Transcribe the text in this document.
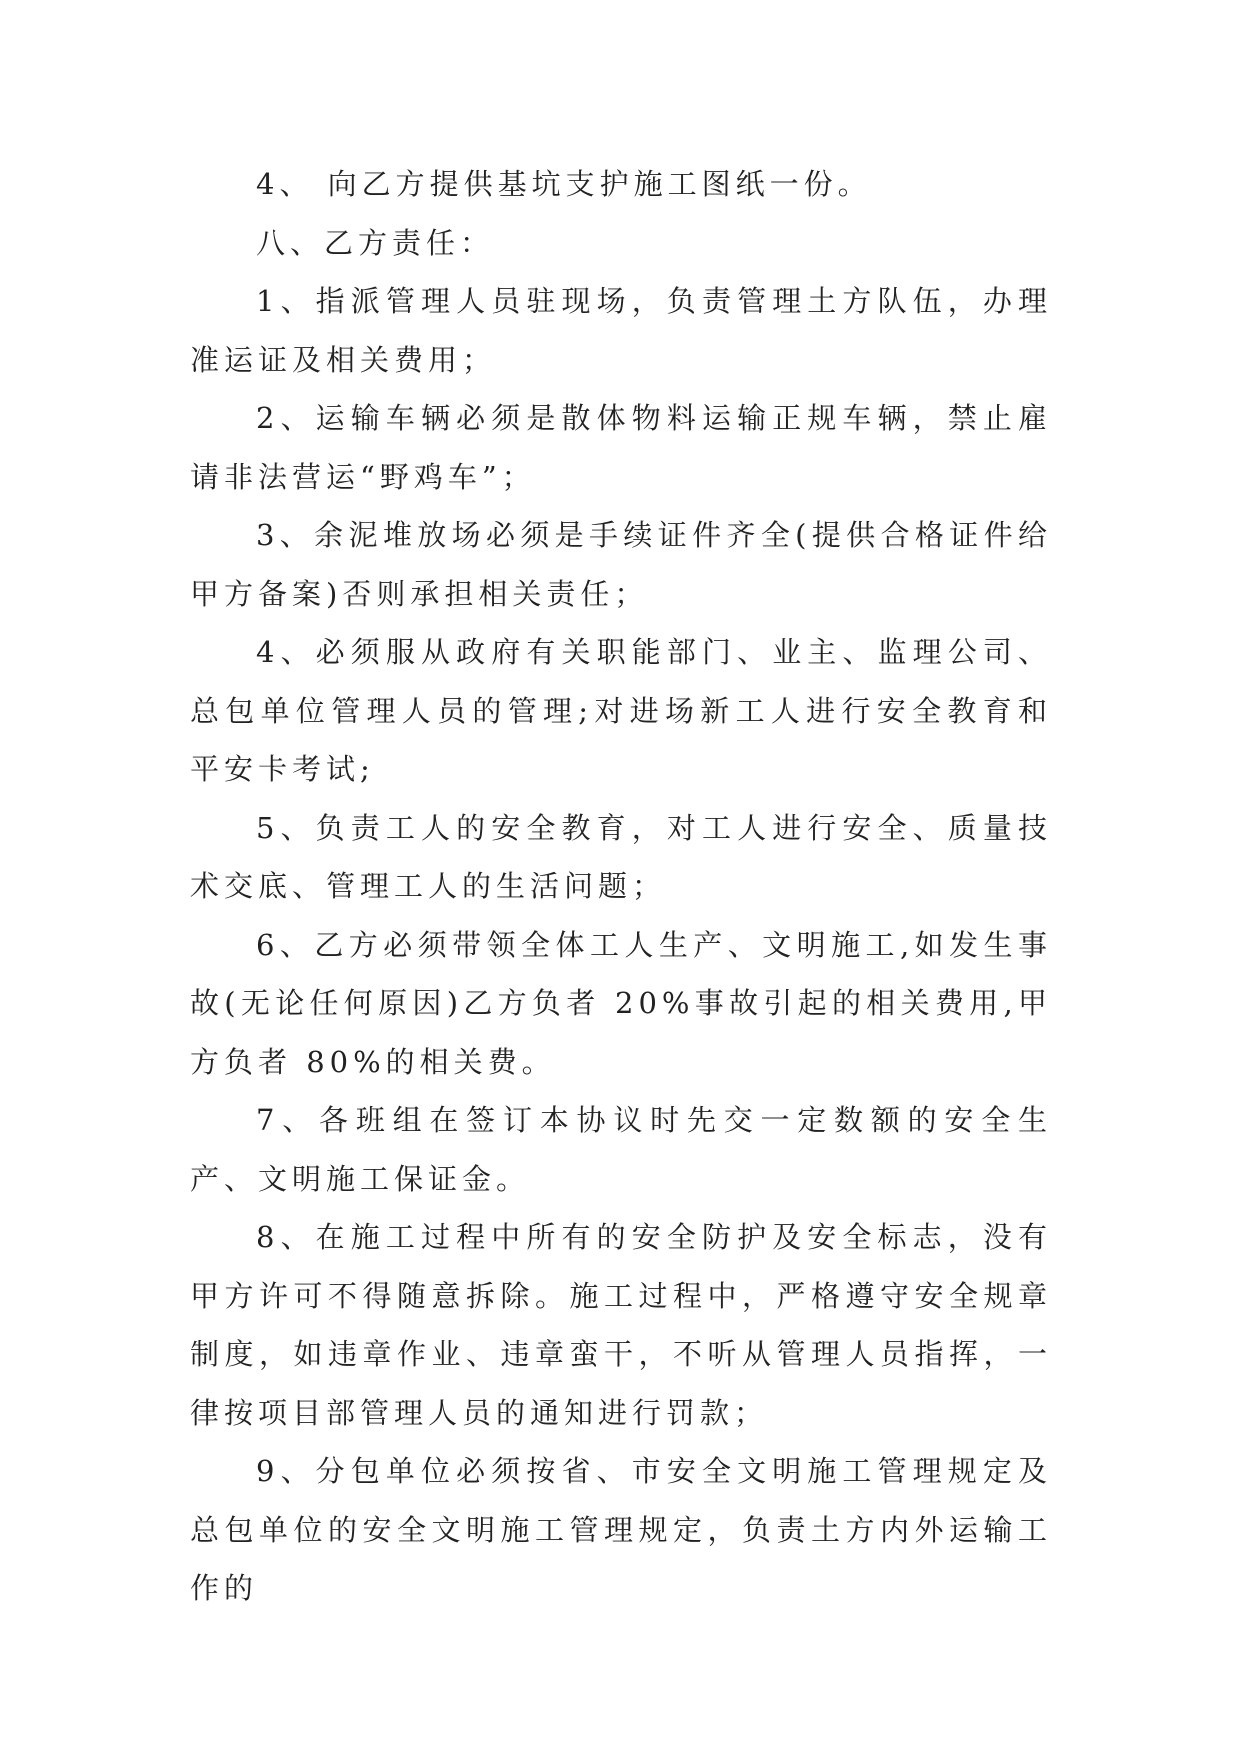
4、 向乙方提供基坑支护施工图纸一份。

八、乙方责任：

1、指派管理人员驻现场，负责管理土方队伍，办理准运证及相关费用；

2、运输车辆必须是散体物料运输正规车辆，禁止雇请非法营运“野鸡车”；

3、余泥堆放场必须是手续证件齐全(提供合格证件给甲方备案)否则承担相关责任；

4、必须服从政府有关职能部门、业主、监理公司、总包单位管理人员的管理;对进场新工人进行安全教育和平安卡考试;

5、负责工人的安全教育，对工人进行安全、质量技术交底、管理工人的生活问题；

6、乙方必须带领全体工人生产、文明施工,如发生事故(无论任何原因)乙方负者 20%事故引起的相关费用,甲方负者 80%的相关费。

7、各班组在签订本协议时先交一定数额的安全生产、文明施工保证金。

8、在施工过程中所有的安全防护及安全标志，没有甲方许可不得随意拆除。施工过程中，严格遵守安全规章制度，如违章作业、违章蛮干，不听从管理人员指挥，一律按项目部管理人员的通知进行罚款；

9、分包单位必须按省、市安全文明施工管理规定及总包单位的安全文明施工管理规定，负责土方内外运输工作的
